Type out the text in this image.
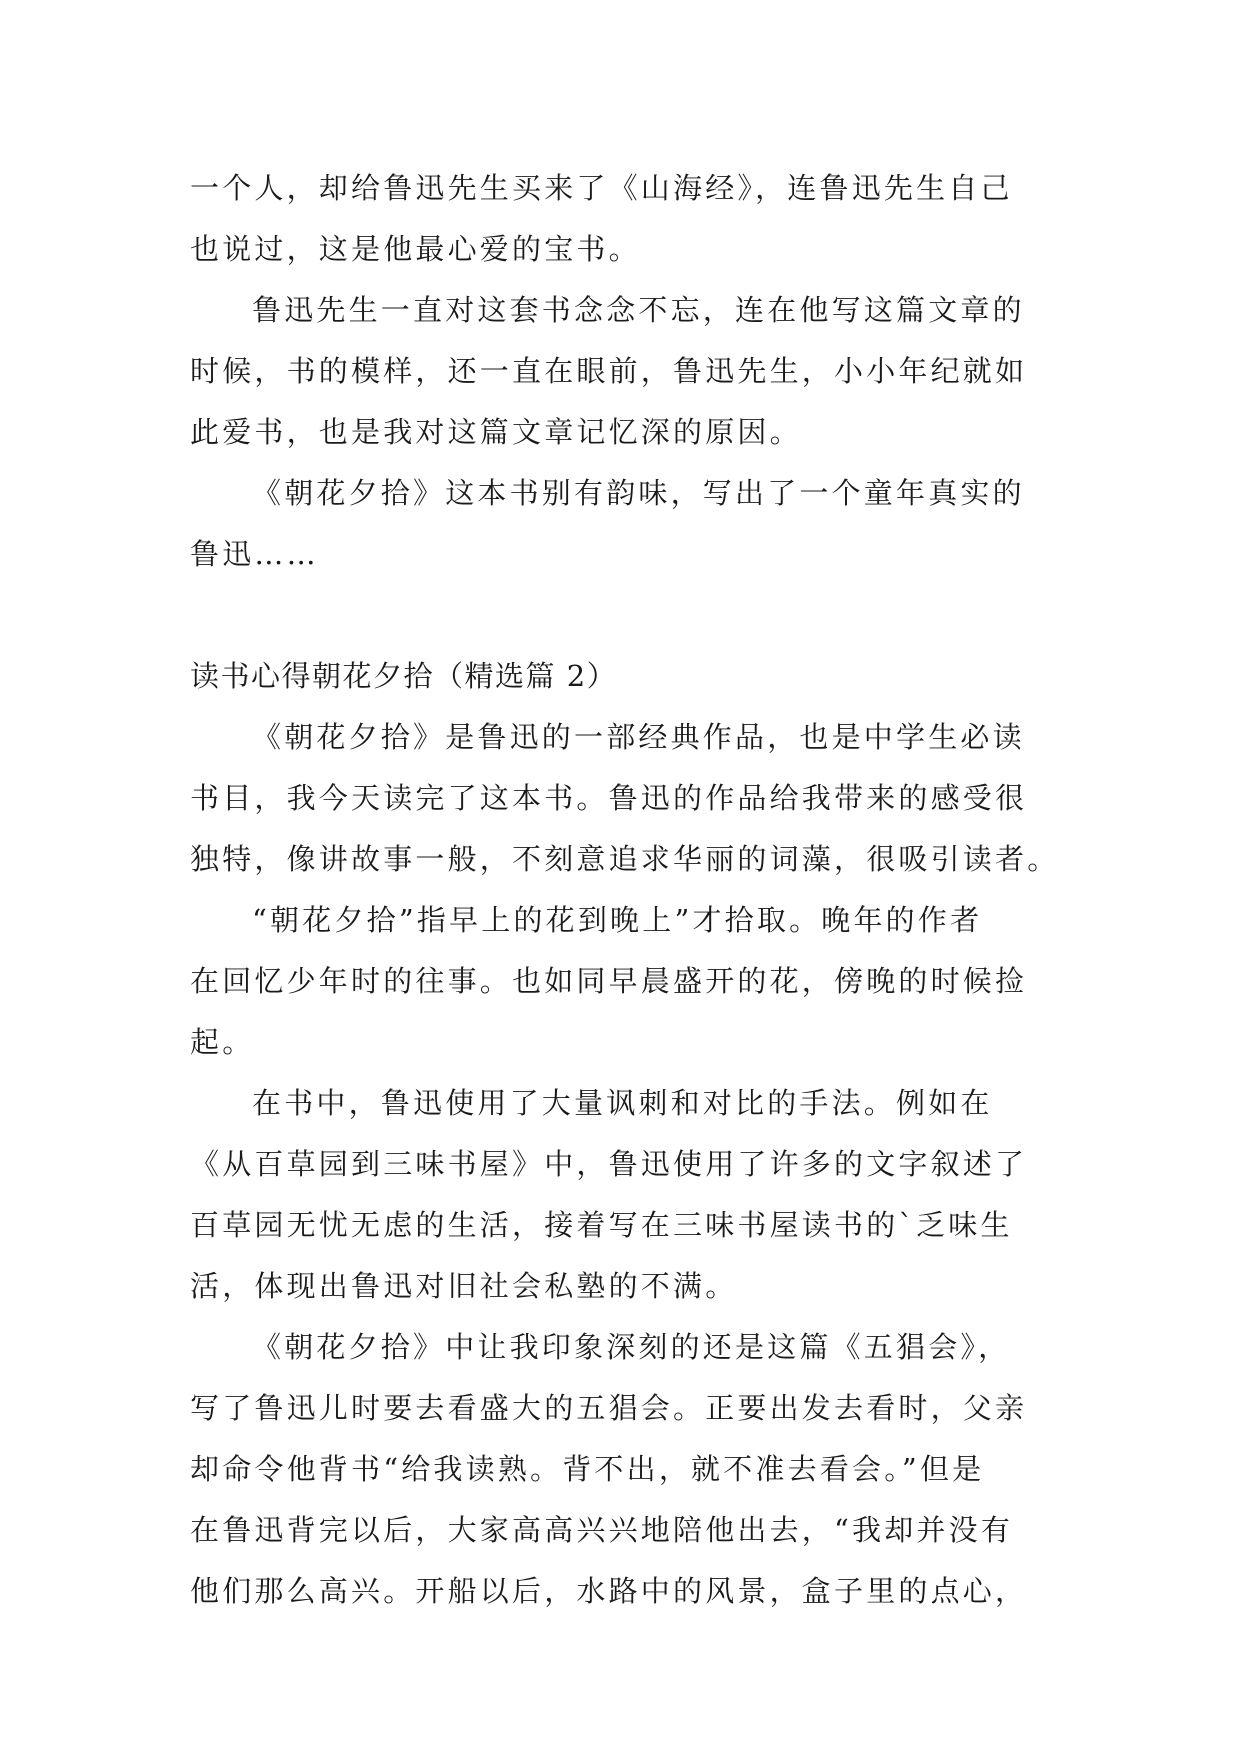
一个人，却给鲁迅先生买来了《山海经》，连鲁迅先生自己
也说过，这是他最心爱的宝书。
鲁迅先生一直对这套书念念不忘，连在他写这篇文章的
时候，书的模样，还一直在眼前，鲁迅先生，小小年纪就如
此爱书，也是我对这篇文章记忆深的原因。
《朝花夕拾》这本书别有韵味，写出了一个童年真实的
鲁迅……
读书心得朝花夕拾（精选篇 2）
《朝花夕拾》是鲁迅的一部经典作品，也是中学生必读
书目，我今天读完了这本书。鲁迅的作品给我带来的感受很
独特，像讲故事一般，不刻意追求华丽的词藻，很吸引读者。
“朝花夕拾”指早上的花到晚上”才拾取。晚年的作者
在回忆少年时的往事。也如同早晨盛开的花，傍晚的时候捡
起。
在书中，鲁迅使用了大量讽刺和对比的手法。例如在
《从百草园到三味书屋》中，鲁迅使用了许多的文字叙述了
百草园无忧无虑的生活，接着写在三味书屋读书的`乏味生
活，体现出鲁迅对旧社会私塾的不满。
《朝花夕拾》中让我印象深刻的还是这篇《五猖会》，
写了鲁迅儿时要去看盛大的五猖会。正要出发去看时，父亲
却命令他背书“给我读熟。背不出，就不准去看会。”但是
在鲁迅背完以后，大家高高兴兴地陪他出去，“我却并没有
他们那么高兴。开船以后，水路中的风景，盒子里的点心，
